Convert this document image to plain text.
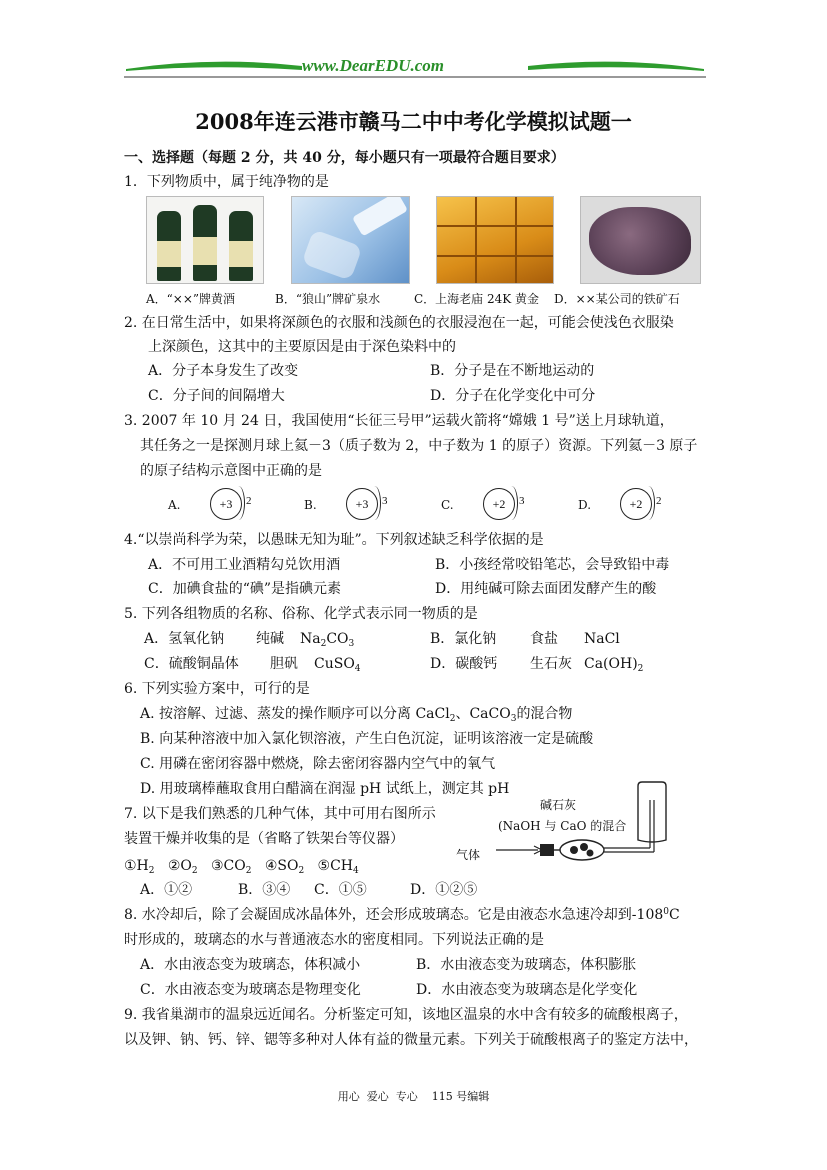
www.DearEDU.com
2008年连云港市赣马二中中考化学模拟试题一
一、选择题（每题 2 分，共 40 分，每小题只有一项最符合题目要求）
1．下列物质中，属于纯净物的是
A．“××”牌黄酒	B．“狼山”牌矿泉水	C．上海老庙 24K 黄金 D．××某公司的铁矿石
2. 在日常生活中，如果将深颜色的衣服和浅颜色的衣服浸泡在一起，可能会使浅色衣服染
上深颜色，这其中的主要原因是由于深色染料中的
A．分子本身发生了改变	B．分子是在不断地运动的
C．分子间的间隔增大	D．分子在化学变化中可分
3. 2007 年 10 月 24 日，我国使用“长征三号甲”运载火箭将“嫦娥 1 号”送上月球轨道，
其任务之一是探测月球上氦－3（质子数为 2，中子数为 1 的原子）资源。下列氦－3 原子
的原子结构示意图中正确的是
A.	+3	2	B.	+3	3	C.	+2	3	D.	+2	2
4.“以崇尚科学为荣，以愚昧无知为耻”。下列叙述缺乏科学依据的是
A．不可用工业酒精勾兑饮用酒	B．小孩经常咬铅笔芯，会导致铅中毒
C．加碘食盐的“碘”是指碘元素	D．用纯碱可除去面团发酵产生的酸
5. 下列各组物质的名称、俗称、化学式表示同一物质的是
A．氢氧化钠 纯碱 $Na_2CO_3$	B．氯化钠 食盐 NaCl
C．硫酸铜晶体 胆矾 CuSO$_4$	D．碳酸钙 生石灰 $Ca(OH)_2$
6. 下列实验方案中，可行的是
A. 按溶解、过滤、蒸发的操作顺序可以分离 CaCl$_2$、CaCO$_3$的混合物
B. 向某种溶液中加入氯化钡溶液，产生白色沉淀，证明该溶液一定是硫酸
C. 用磷在密闭容器中燃烧，除去密闭容器内空气中的氧气
D. 用玻璃棒蘸取食用白醋滴在润湿 pH 试纸上，测定其 pH
7. 以下是我们熟悉的几种气体，其中可用右图所示
装置干燥并收集的是（省略了铁架台等仪器）
$①H_2$ $②O_2$ $③CO_2$ $④SO_2$ $⑤CH_4$
A．①②	B．③④ C．①⑤	D．①②⑤
碱石灰
(NaOH 与 CaO 的混合
气体
8. 水冷却后，除了会凝固成冰晶体外，还会形成玻璃态。它是由液态水急速冷却到$-108^0C$
时形成的，玻璃态的水与普通液态水的密度相同。下列说法正确的是
A．水由液态变为玻璃态，体积减小	B．水由液态变为玻璃态，体积膨胀
C．水由液态变为玻璃态是物理变化	D．水由液态变为玻璃态是化学变化
9. 我省巢湖市的温泉远近闻名。分析鉴定可知，该地区温泉的水中含有较多的硫酸根离子，
以及钾、钠、钙、锌、锶等多种对人体有益的微量元素。下列关于硫酸根离子的鉴定方法中，
用心  爱心  专心    115 号编辑
